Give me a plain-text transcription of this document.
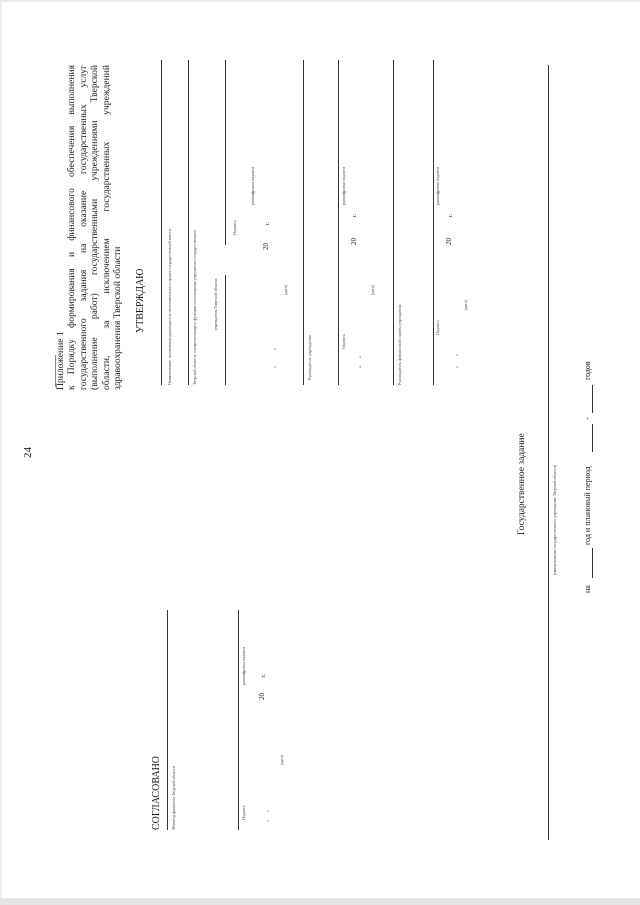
24
Приложение 1 к Порядку формирования и финансового обеспечения выполнения государственного задания на оказание государственных услуг (выполнение работ) государственными учреждениями Тверской области, за исключением государственных учреждений здравоохранения Тверской области УТВЕРЖДАЮ	Наименование, полномочия руководителя исполнительного органа государственной власти	Тверской области, осуществляющего функции и полномочия учредителя государственного	учреждения Тверской области
Подпись
расшифровка подписи
«
»
20
г.
(дата)
Руководитель учреждения	Подпись
расшифровка подписи
«
»
20
г.
(дата)
Руководитель финансовой службы учреждения	Подпись
расшифровка подписи
«
»
20
г.
(дата)
СОГЛАСОВАНО Министр финансов Тверской области	Подпись
расшифровка подписи
«
»
20
г.
(дата)
Государственное задание	(наименование государственного учреждения Тверской области)
на
год и плановый период
-
годов
